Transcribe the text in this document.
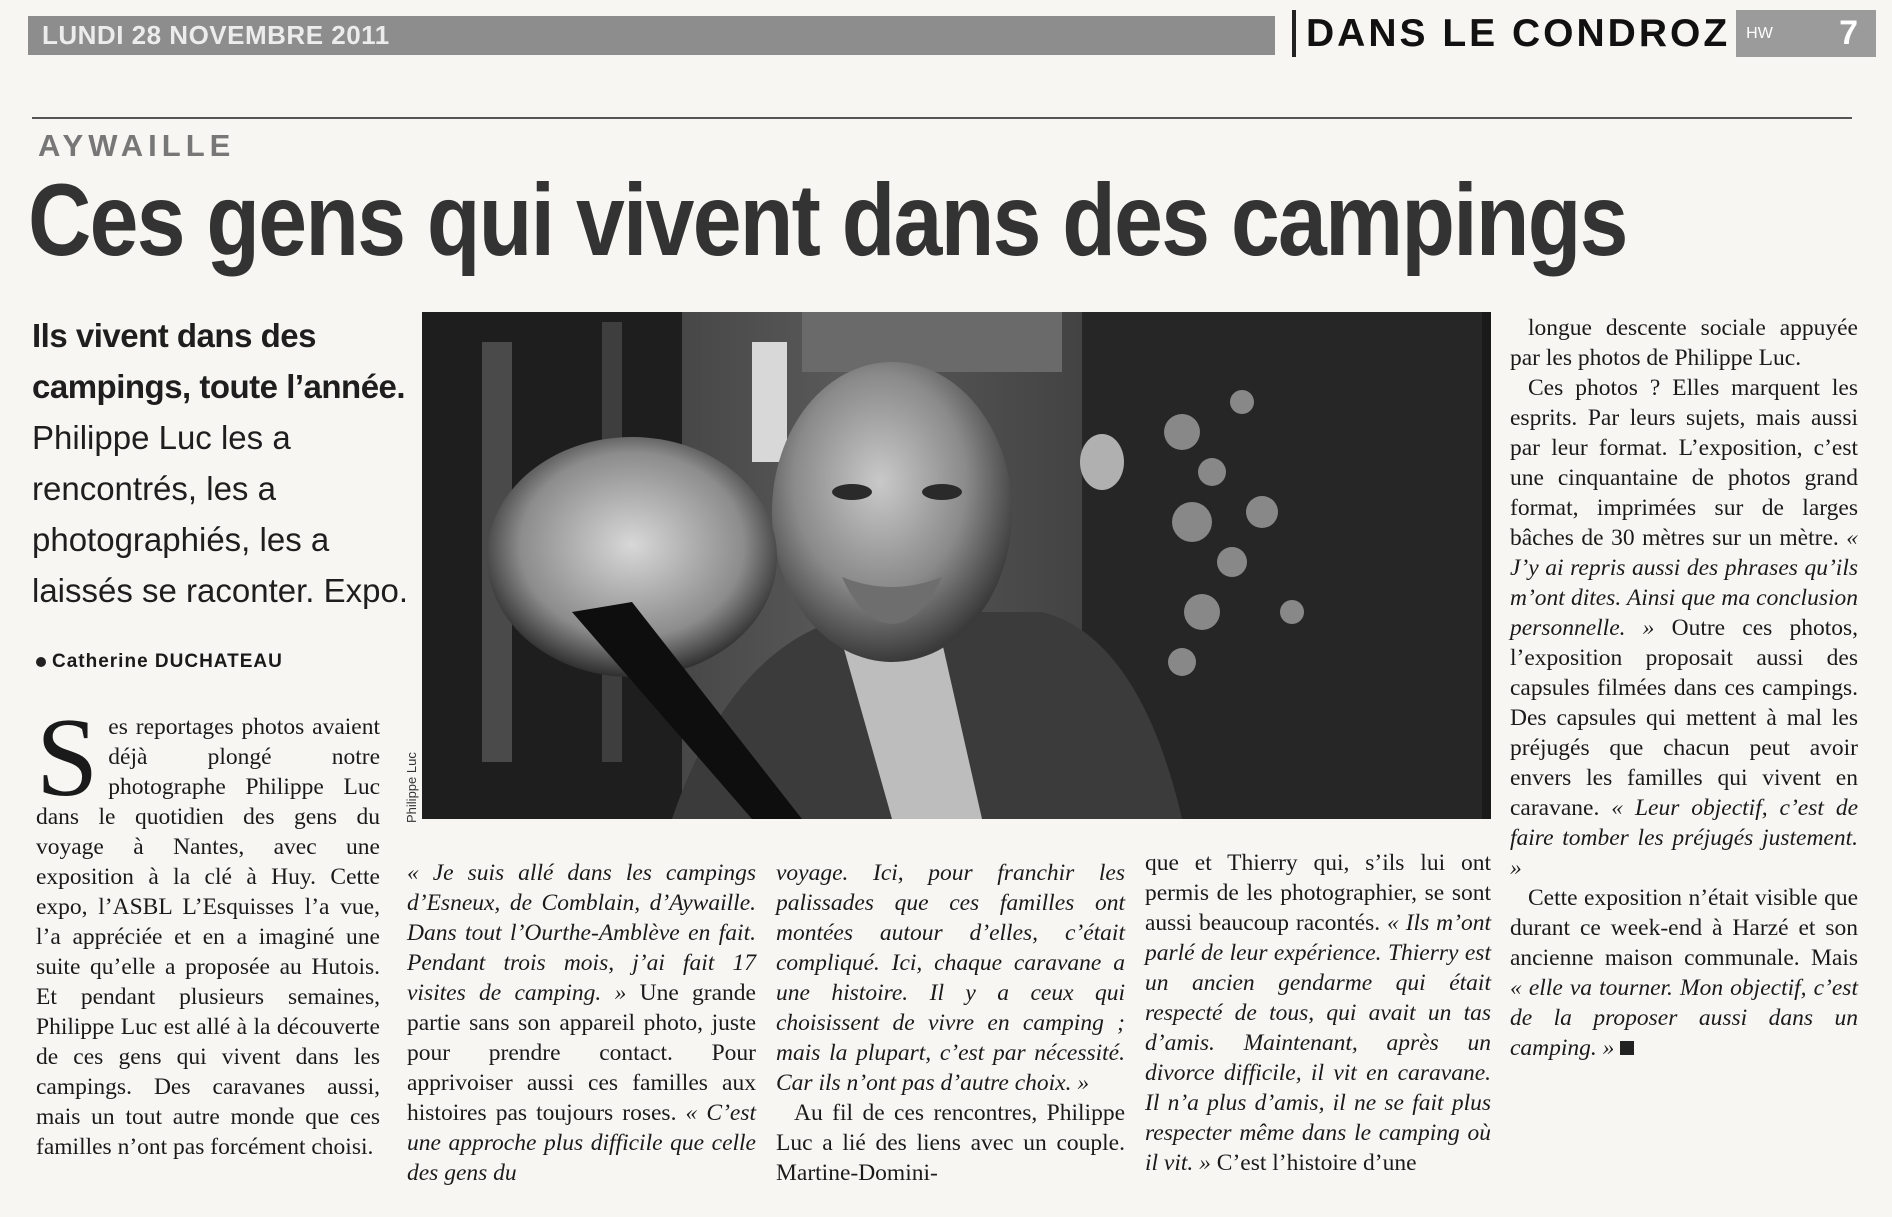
LUNDI 28 NOVEMBRE 2011	DANS LE CONDROZ	HW	7
AYWAILLE
Ces gens qui vivent dans des campings
Ils vivent dans des campings, toute l’année.
Philippe Luc les a rencontrés, les a photographiés, les a laissés se raconter. Expo.
Catherine DUCHATEAU
Philippe Luc

Ses reportages photos avaient déjà plongé notre photographe Philippe Luc dans le quotidien des gens du voyage à Nantes, avec une exposition à la clé à Huy. Cette expo, l’ASBL L’Esquisses l’a vue, l’a appréciée et en a imaginé une suite qu’elle a proposée au Hutois. Et pendant plusieurs semaines, Philippe Luc est allé à la découverte de ces gens qui vivent dans les campings. Des caravanes aussi, mais un tout autre monde que ces familles n’ont pas forcément choisi.

« Je suis allé dans les campings d’Esneux, de Comblain, d’Aywaille. Dans tout l’Ourthe-Amblève en fait. Pendant trois mois, j’ai fait 17 visites de camping. » Une grande partie sans son appareil photo, juste pour prendre contact. Pour apprivoiser aussi ces familles aux histoires pas toujours roses. « C’est une approche plus difficile que celle des gens du

voyage. Ici, pour franchir les palissades que ces familles ont montées autour d’elles, c’était compliqué. Ici, chaque caravane a une histoire. Il y a ceux qui choisissent de vivre en camping ; mais la plupart, c’est par nécessité. Car ils n’ont pas d’autre choix. »

Au fil de ces rencontres, Philippe Luc a lié des liens avec un couple. Martine-Domini-

que et Thierry qui, s’ils lui ont permis de les photographier, se sont aussi beaucoup racontés. « Ils m’ont parlé de leur expérience. Thierry est un ancien gendarme qui était respecté de tous, qui avait un tas d’amis. Maintenant, après un divorce difficile, il vit en caravane. Il n’a plus d’amis, il ne se fait plus respecter même dans le camping où il vit. » C’est l’histoire d’une

longue descente sociale appuyée par les photos de Philippe Luc.

Ces photos ? Elles marquent les esprits. Par leurs sujets, mais aussi par leur format. L’exposition, c’est une cinquantaine de photos grand format, imprimées sur de larges bâches de 30 mètres sur un mètre. « J’y ai repris aussi des phrases qu’ils m’ont dites. Ainsi que ma conclusion personnelle. » Outre ces photos, l’exposition proposait aussi des capsules filmées dans ces campings. Des capsules qui mettent à mal les préjugés que chacun peut avoir envers les familles qui vivent en caravane. « Leur objectif, c’est de faire tomber les préjugés justement. »

Cette exposition n’était visible que durant ce week-end à Harzé et son ancienne maison communale. Mais « elle va tourner. Mon objectif, c’est de la proposer aussi dans un camping. »
